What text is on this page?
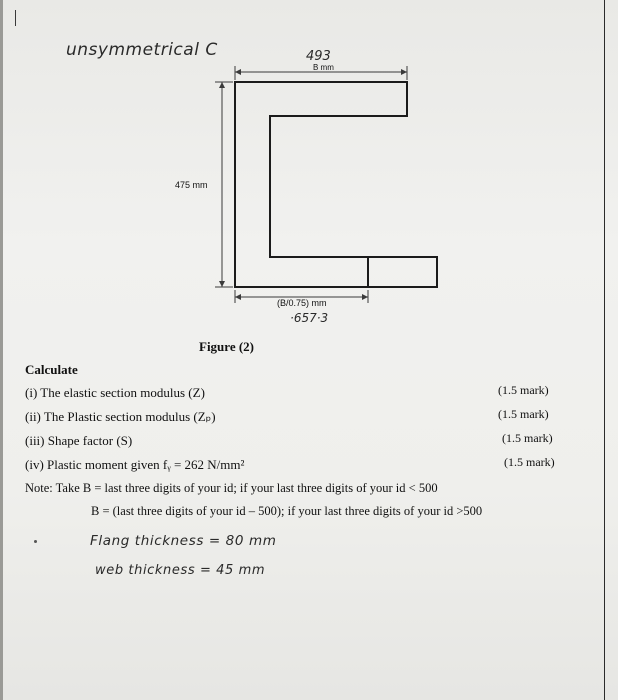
unsymmetrical C	493
B mm
475 mm
(B/0.75) mm
·657·3
Figure (2)
Calculate
(i) The elastic section modulus (Z)	(1.5 mark)
(ii) The Plastic section modulus (Zₚ)	(1.5 mark)
(iii) Shape factor (S)	(1.5 mark)
(iv) Plastic moment given fᵧ = 262 N/mm²	(1.5 mark)
Note: Take B = last three digits of your id; if your last three digits of your id < 500
B = (last three digits of your id – 500); if your last three digits of your id >500
Flang thickness = 80 mm
web thickness = 45 mm
